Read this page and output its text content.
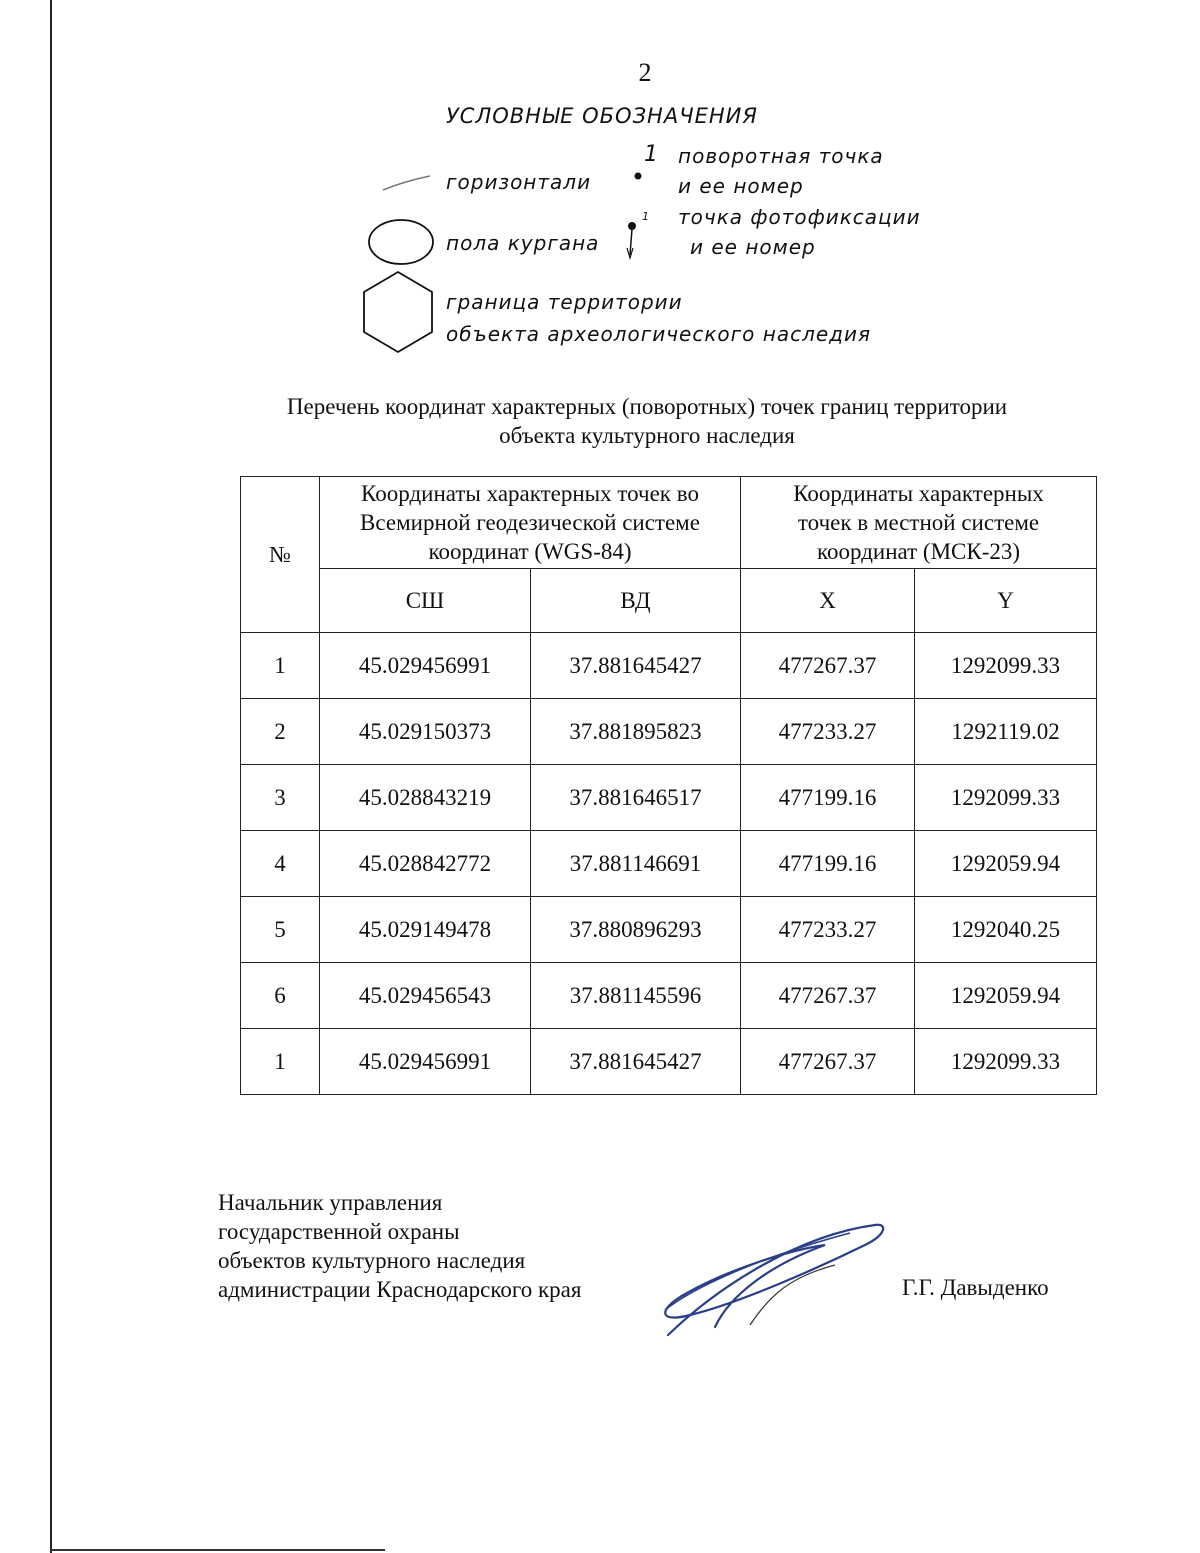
2
УСЛОВНЫЕ ОБОЗНАЧЕНИЯ
горизонтали
1 поворотная точка
и ее номер
1 точка фотофиксации
и ее номер
пола кургана
граница территории
объекта археологического наследия
Перечень координат характерных (поворотных) точек границ территории
объекта культурного наследия
№	Координаты характерных точек во Всемирной геодезической системе координат (WGS-84)		Координаты характерных точек в местной системе координат (МСК-23)	
	СШ	ВД	X	Y
1	45.029456991	37.881645427	477267.37	1292099.33
2	45.029150373	37.881895823	477233.27	1292119.02
3	45.028843219	37.881646517	477199.16	1292099.33
4	45.028842772	37.881146691	477199.16	1292059.94
5	45.029149478	37.880896293	477233.27	1292040.25
6	45.029456543	37.881145596	477267.37	1292059.94
1	45.029456991	37.881645427	477267.37	1292099.33
Начальник управления
государственной охраны
объектов культурного наследия
администрации Краснодарского края	Г.Г. Давыденко
